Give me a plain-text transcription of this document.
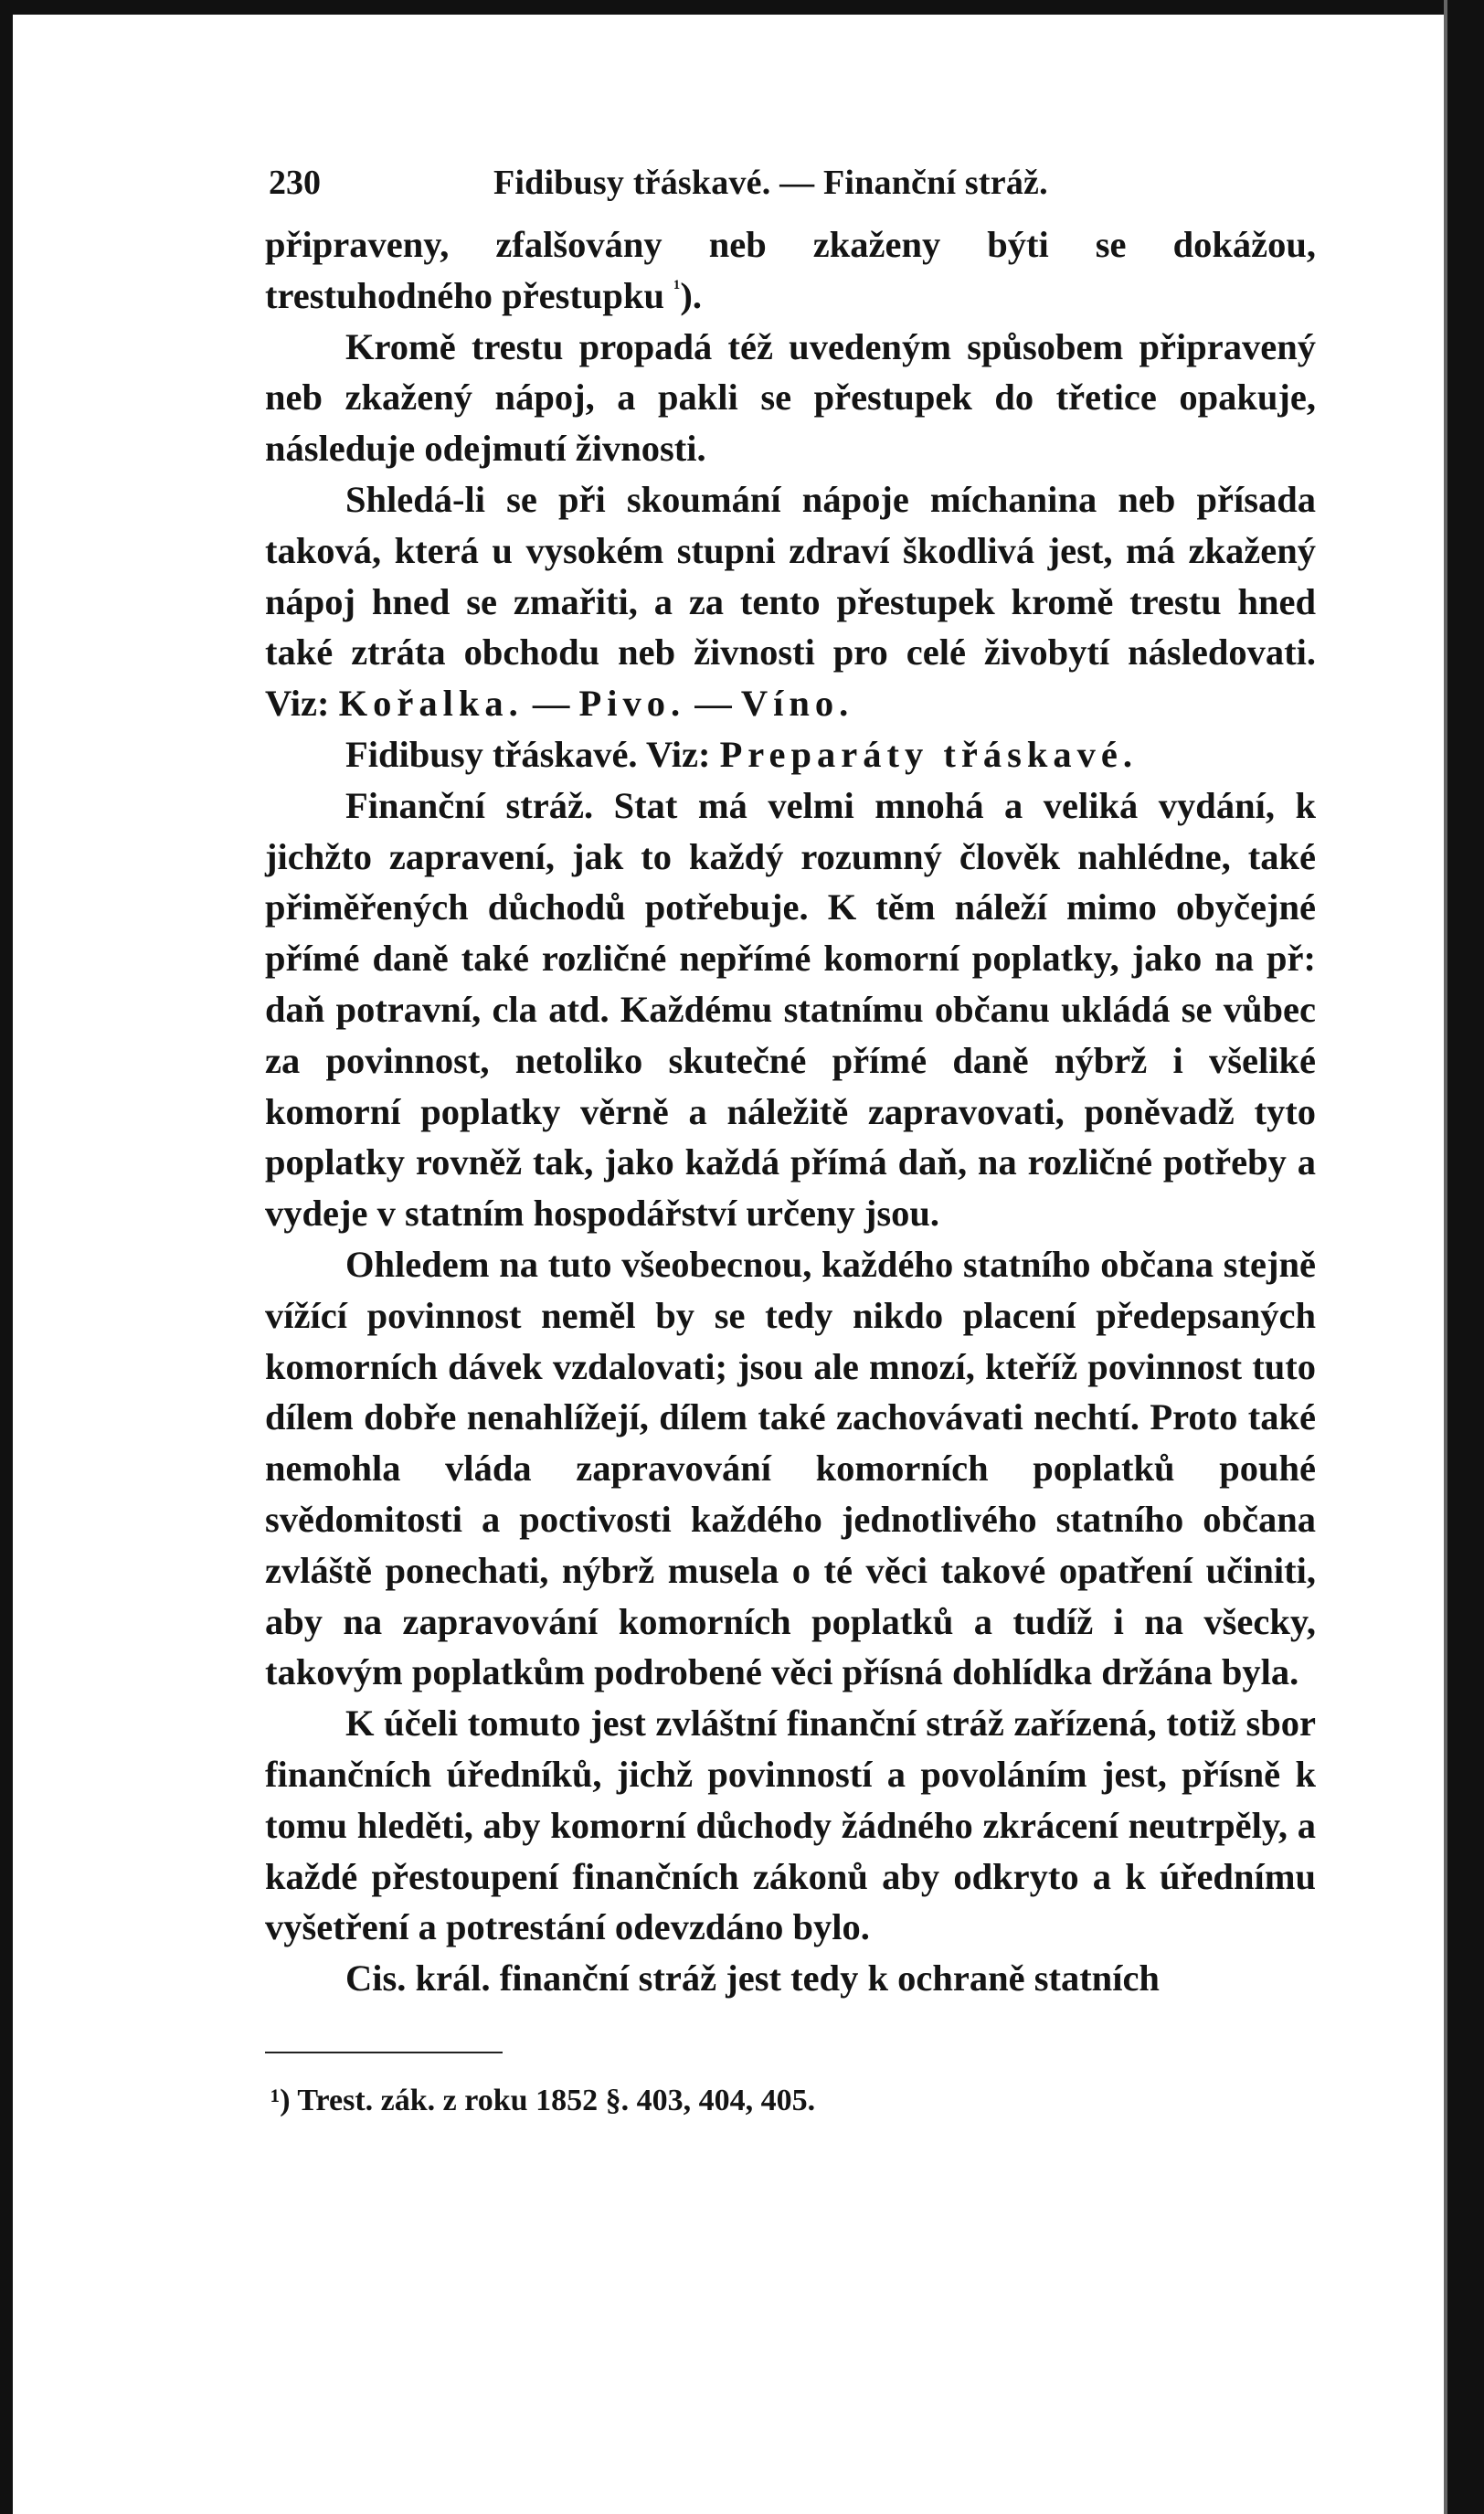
230	Fidibusy třáskavé. — Finanční stráž.

připraveny, zfalšovány neb zkaženy býti se dokážou, trestuhodného přestupku $^{^1}$).

Kromě trestu propadá též uvedeným spůsobem připravený neb zkažený nápoj, a pakli se přestupek do třetice opakuje, následuje odejmutí živnosti.

Shledá-li se při skoumání nápoje míchanina neb přísada taková, která u vysokém stupni zdraví škodlivá jest, má zkažený nápoj hned se zmařiti, a za tento přestupek kromě trestu hned také ztráta obchodu neb živnosti pro celé živobytí následovati. Viz: Kořalka. — Pivo. — Víno.

Fidibusy třáskavé. Viz: Preparáty třáskavé.

Finanční stráž. Stat má velmi mnohá a veliká vydání, k jichžto zapravení, jak to každý rozumný člověk nahlédne, také přiměřených důchodů potřebuje. K těm náleží mimo obyčejné přímé daně také rozličné nepřímé komorní poplatky, jako na př: daň potravní, cla atd. Každému statnímu občanu ukládá se vůbec za povinnost, netoliko skutečné přímé daně nýbrž i všeliké komorní poplatky věrně a náležitě zapravovati, poněvadž tyto poplatky rovněž tak, jako každá přímá daň, na rozličné potřeby a vydeje v statním hospodářství určeny jsou.

Ohledem na tuto všeobecnou, každého statního občana stejně vížící povinnost neměl by se tedy nikdo placení předepsaných komorních dávek vzdalovati; jsou ale mnozí, kteříž povinnost tuto dílem dobře nenahlížejí, dílem také zachovávati nechtí. Proto také nemohla vláda zapravování komorních poplatků pouhé svědomitosti a poctivosti každého jednotlivého statního občana zvláště ponechati, nýbrž musela o té věci takové opatření učiniti, aby na zapravování komorních poplatků a tudíž i na všecky, takovým poplatkům podrobené věci přísná dohlídka držána byla.

K účeli tomuto jest zvláštní finanční stráž zařízená, totiž sbor finančních úředníků, jichž povinností a povoláním jest, přísně k tomu hleděti, aby komorní důchody žádného zkrácení neutrpěly, a každé přestoupení finančních zákonů aby odkryto a k úřednímu vyšetření a potrestání odevzdáno bylo.

Cis. král. finanční stráž jest tedy k ochraně statních

¹) Trest. zák. z roku 1852 §. 403, 404, 405.
